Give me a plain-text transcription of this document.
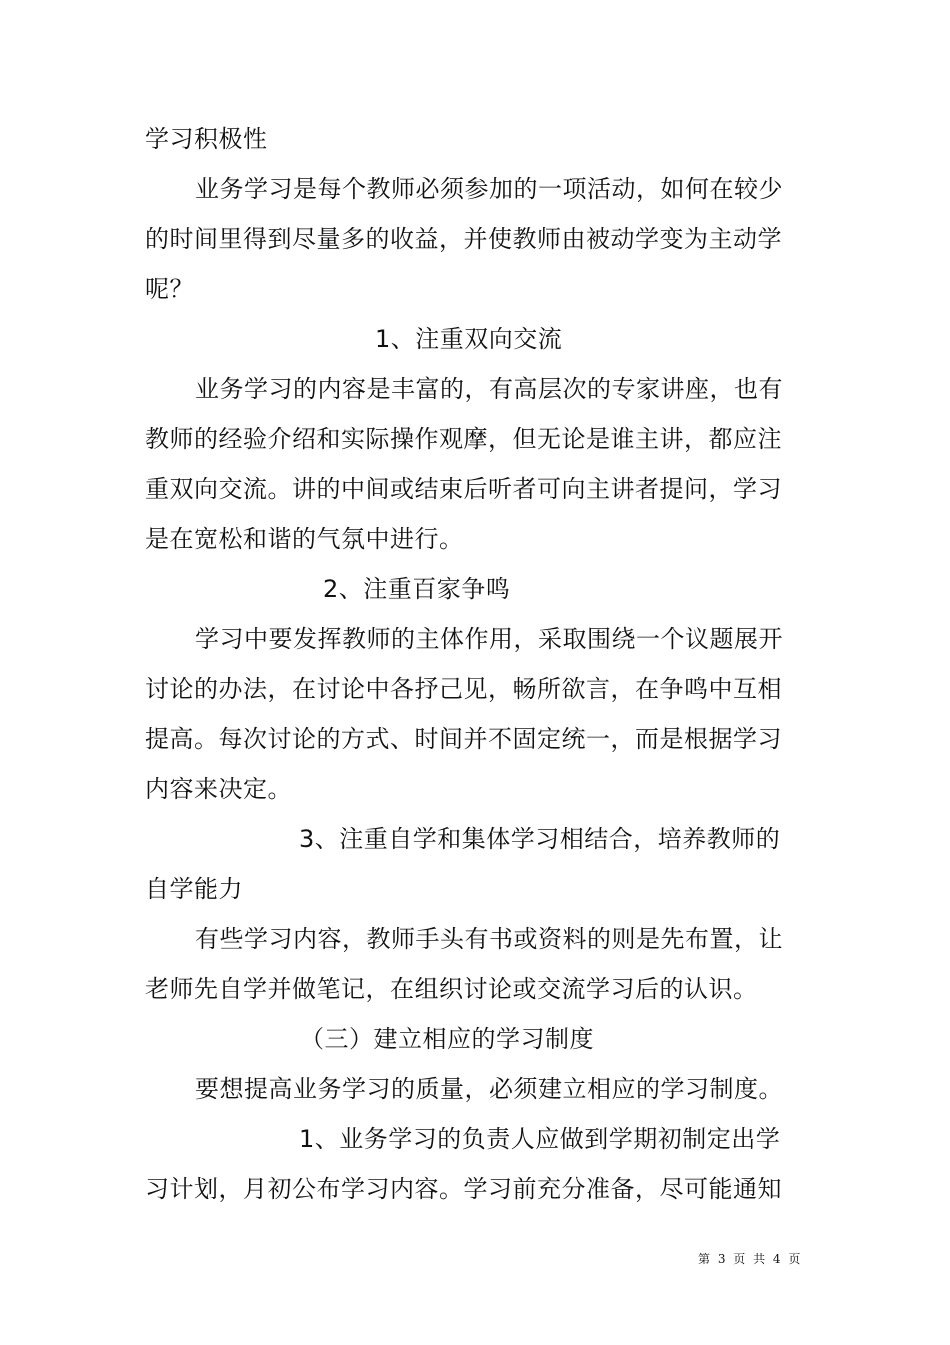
学习积极性

业务学习是每个教师必须参加的一项活动，如何在较少

的时间里得到尽量多的收益，并使教师由被动学变为主动学

呢？

1、注重双向交流

业务学习的内容是丰富的，有高层次的专家讲座，也有

教师的经验介绍和实际操作观摩，但无论是谁主讲，都应注

重双向交流。讲的中间或结束后听者可向主讲者提问，学习

是在宽松和谐的气氛中进行。

2、注重百家争鸣

学习中要发挥教师的主体作用，采取围绕一个议题展开

讨论的办法，在讨论中各抒己见，畅所欲言，在争鸣中互相

提高。每次讨论的方式、时间并不固定统一，而是根据学习

内容来决定。

3、注重自学和集体学习相结合，培养教师的

自学能力

有些学习内容，教师手头有书或资料的则是先布置，让

老师先自学并做笔记，在组织讨论或交流学习后的认识。

（三）建立相应的学习制度

要想提高业务学习的质量，必须建立相应的学习制度。

1、业务学习的负责人应做到学期初制定出学

习计划，月初公布学习内容。学习前充分准备，尽可能通知

第 3 页 共 4 页
